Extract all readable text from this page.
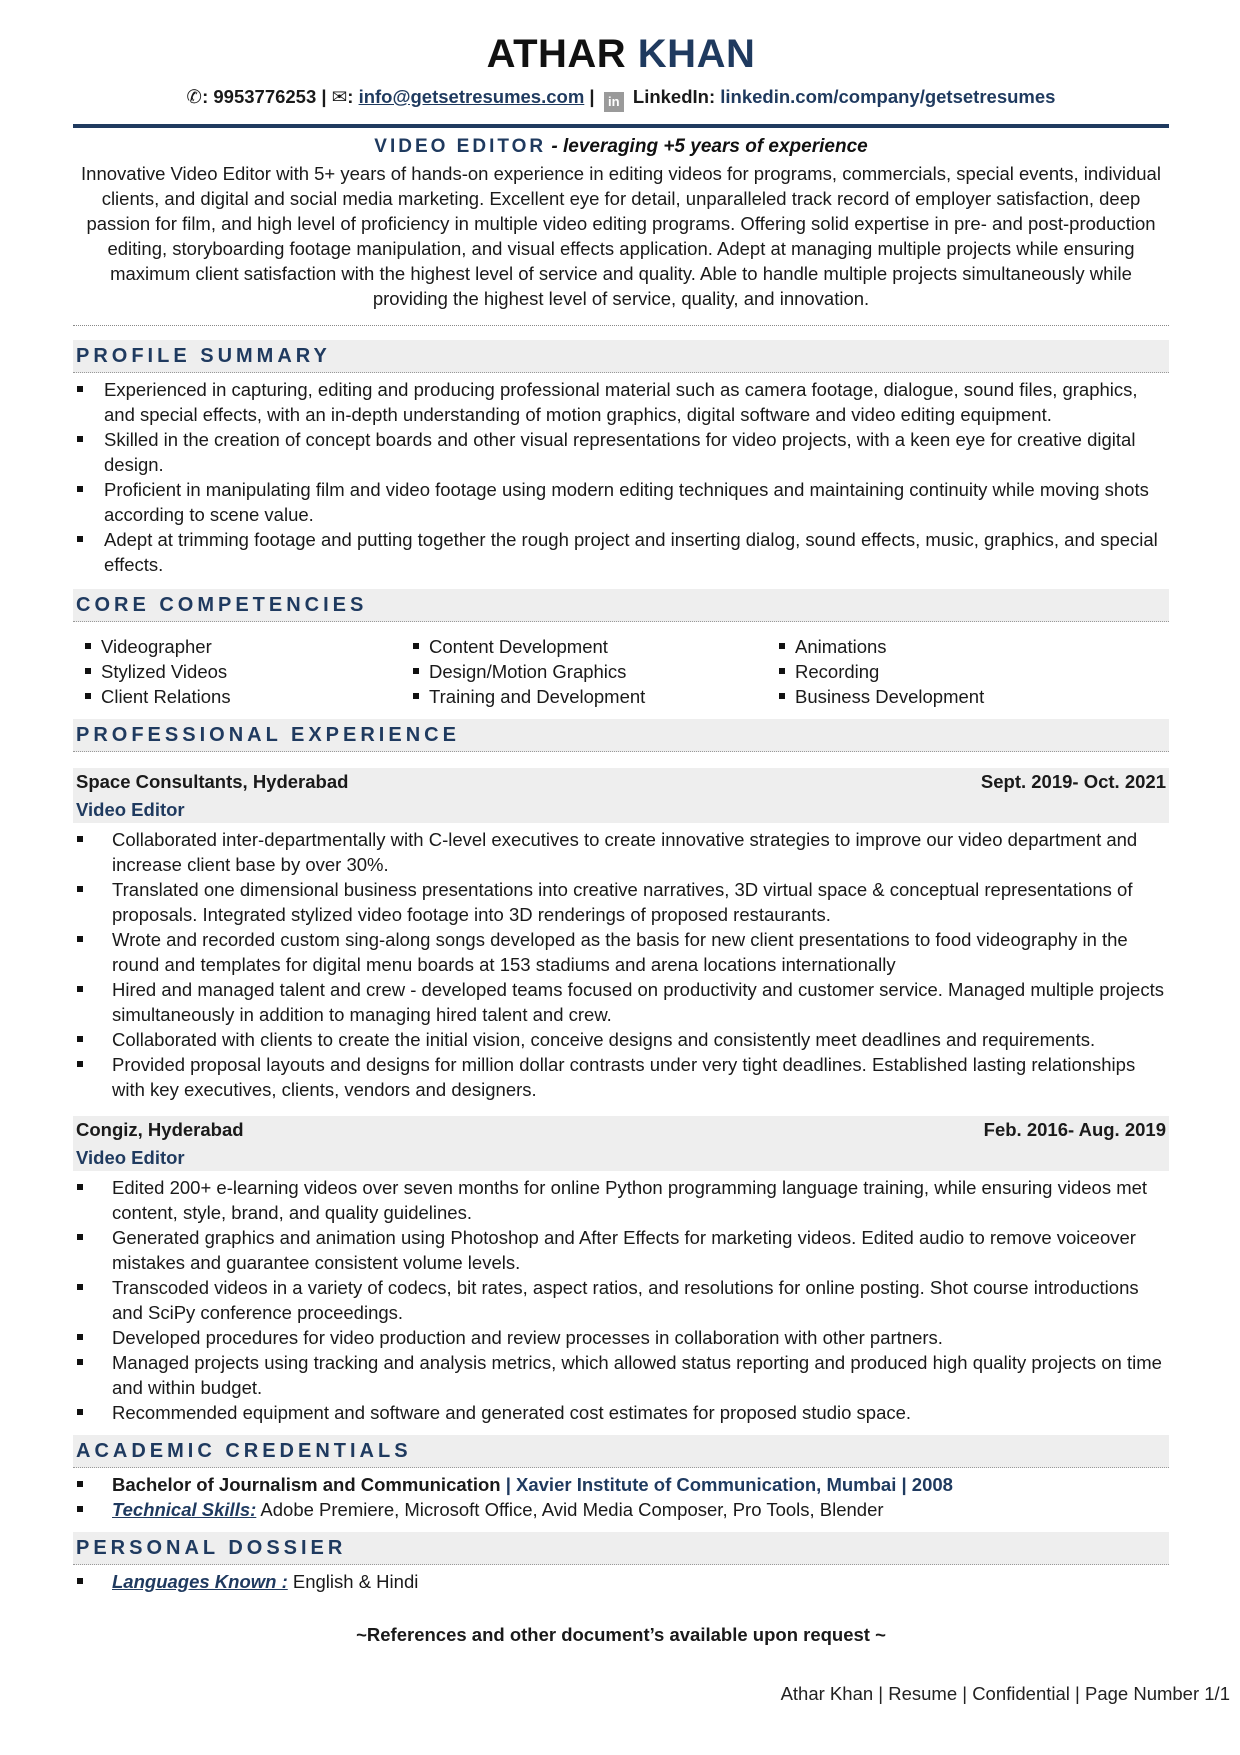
ATHAR KHAN
✆: 9953776253 | ✉: info@getsetresumes.com | in LinkedIn: linkedin.com/company/getsetresumes
VIDEO EDITOR - leveraging +5 years of experience
Innovative Video Editor with 5+ years of hands-on experience in editing videos for programs, commercials, special events, individual clients, and digital and social media marketing. Excellent eye for detail, unparalleled track record of employer satisfaction, deep passion for film, and high level of proficiency in multiple video editing programs. Offering solid expertise in pre- and post-production editing, storyboarding footage manipulation, and visual effects application. Adept at managing multiple projects while ensuring maximum client satisfaction with the highest level of service and quality. Able to handle multiple projects simultaneously while providing the highest level of service, quality, and innovation.
PROFILE SUMMARY
Experienced in capturing, editing and producing professional material such as camera footage, dialogue, sound files, graphics, and special effects, with an in-depth understanding of motion graphics, digital software and video editing equipment.
Skilled in the creation of concept boards and other visual representations for video projects, with a keen eye for creative digital design.
Proficient in manipulating film and video footage using modern editing techniques and maintaining continuity while moving shots according to scene value.
Adept at trimming footage and putting together the rough project and inserting dialog, sound effects, music, graphics, and special effects.
CORE COMPETENCIES
Videographer
Stylized Videos
Client Relations
Content Development
Design/Motion Graphics
Training and Development
Animations
Recording
Business Development
PROFESSIONAL EXPERIENCE
Space Consultants, Hyderabad	Sept. 2019- Oct. 2021
Video Editor
Collaborated inter-departmentally with C-level executives to create innovative strategies to improve our video department and increase client base by over 30%.
Translated one dimensional business presentations into creative narratives, 3D virtual space & conceptual representations of proposals. Integrated stylized video footage into 3D renderings of proposed restaurants.
Wrote and recorded custom sing-along songs developed as the basis for new client presentations to food videography in the round and templates for digital menu boards at 153 stadiums and arena locations internationally
Hired and managed talent and crew - developed teams focused on productivity and customer service. Managed multiple projects simultaneously in addition to managing hired talent and crew.
Collaborated with clients to create the initial vision, conceive designs and consistently meet deadlines and requirements.
Provided proposal layouts and designs for million dollar contrasts under very tight deadlines. Established lasting relationships with key executives, clients, vendors and designers.
Congiz, Hyderabad	Feb. 2016- Aug. 2019
Video Editor
Edited 200+ e-learning videos over seven months for online Python programming language training, while ensuring videos met content, style, brand, and quality guidelines.
Generated graphics and animation using Photoshop and After Effects for marketing videos. Edited audio to remove voiceover mistakes and guarantee consistent volume levels.
Transcoded videos in a variety of codecs, bit rates, aspect ratios, and resolutions for online posting. Shot course introductions and SciPy conference proceedings.
Developed procedures for video production and review processes in collaboration with other partners.
Managed projects using tracking and analysis metrics, which allowed status reporting and produced high quality projects on time and within budget.
Recommended equipment and software and generated cost estimates for proposed studio space.
ACADEMIC CREDENTIALS
Bachelor of Journalism and Communication | Xavier Institute of Communication, Mumbai | 2008
Technical Skills: Adobe Premiere, Microsoft Office, Avid Media Composer, Pro Tools, Blender
PERSONAL DOSSIER
Languages Known : English & Hindi
~References and other document’s available upon request ~
Athar Khan | Resume | Confidential | Page Number 1/1
